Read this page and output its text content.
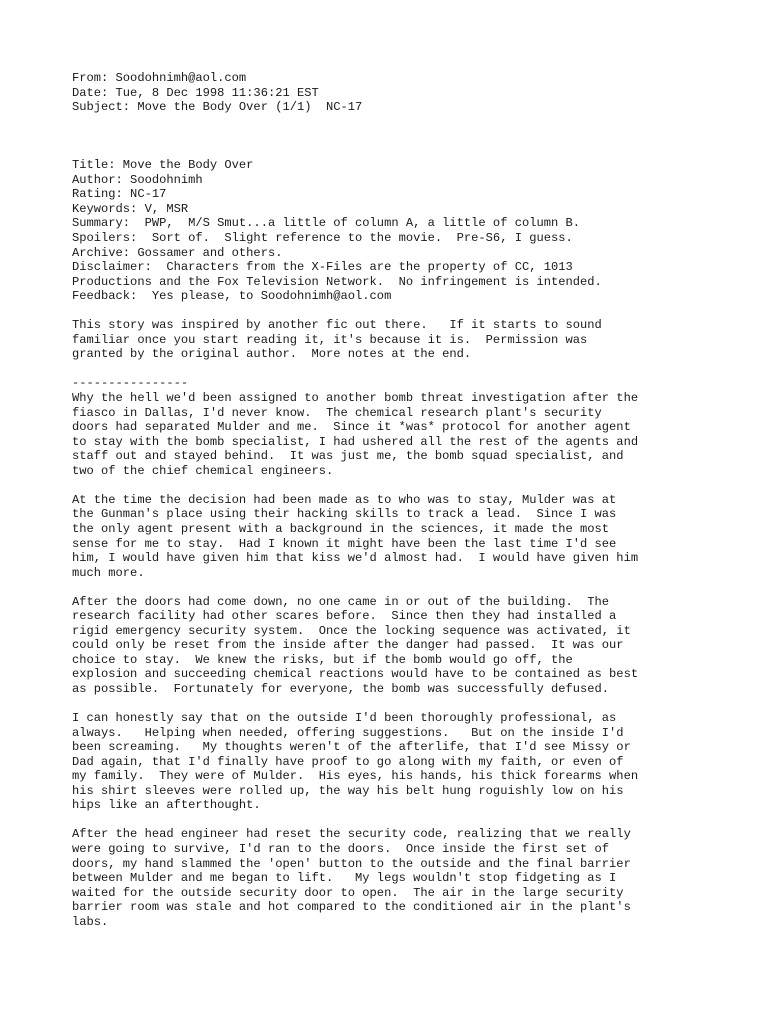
From: Soodohnimh@aol.com
Date: Tue, 8 Dec 1998 11:36:21 EST
Subject: Move the Body Over (1/1)  NC-17
Title: Move the Body Over
Author: Soodohnimh
Rating: NC-17
Keywords: V, MSR
Summary:  PWP,  M/S Smut...a little of column A, a little of column B.
Spoilers:  Sort of.  Slight reference to the movie.  Pre-S6, I guess.
Archive: Gossamer and others.
Disclaimer:  Characters from the X-Files are the property of CC, 1013
Productions and the Fox Television Network.  No infringement is intended.
Feedback:  Yes please, to Soodohnimh@aol.com
This story was inspired by another fic out there.   If it starts to sound
familiar once you start reading it, it's because it is.  Permission was
granted by the original author.  More notes at the end.
----------------
Why the hell we'd been assigned to another bomb threat investigation after the
fiasco in Dallas, I'd never know.  The chemical research plant's security
doors had separated Mulder and me.  Since it *was* protocol for another agent
to stay with the bomb specialist, I had ushered all the rest of the agents and
staff out and stayed behind.  It was just me, the bomb squad specialist, and
two of the chief chemical engineers.
At the time the decision had been made as to who was to stay, Mulder was at
the Gunman's place using their hacking skills to track a lead.  Since I was
the only agent present with a background in the sciences, it made the most
sense for me to stay.  Had I known it might have been the last time I'd see
him, I would have given him that kiss we'd almost had.  I would have given him
much more.
After the doors had come down, no one came in or out of the building.  The
research facility had other scares before.  Since then they had installed a
rigid emergency security system.  Once the locking sequence was activated, it
could only be reset from the inside after the danger had passed.  It was our
choice to stay.  We knew the risks, but if the bomb would go off, the
explosion and succeeding chemical reactions would have to be contained as best
as possible.  Fortunately for everyone, the bomb was successfully defused.
I can honestly say that on the outside I'd been thoroughly professional, as
always.   Helping when needed, offering suggestions.   But on the inside I'd
been screaming.   My thoughts weren't of the afterlife, that I'd see Missy or
Dad again, that I'd finally have proof to go along with my faith, or even of
my family.  They were of Mulder.  His eyes, his hands, his thick forearms when
his shirt sleeves were rolled up, the way his belt hung roguishly low on his
hips like an afterthought.
After the head engineer had reset the security code, realizing that we really
were going to survive, I'd ran to the doors.  Once inside the first set of
doors, my hand slammed the 'open' button to the outside and the final barrier
between Mulder and me began to lift.   My legs wouldn't stop fidgeting as I
waited for the outside security door to open.  The air in the large security
barrier room was stale and hot compared to the conditioned air in the plant's
labs.
